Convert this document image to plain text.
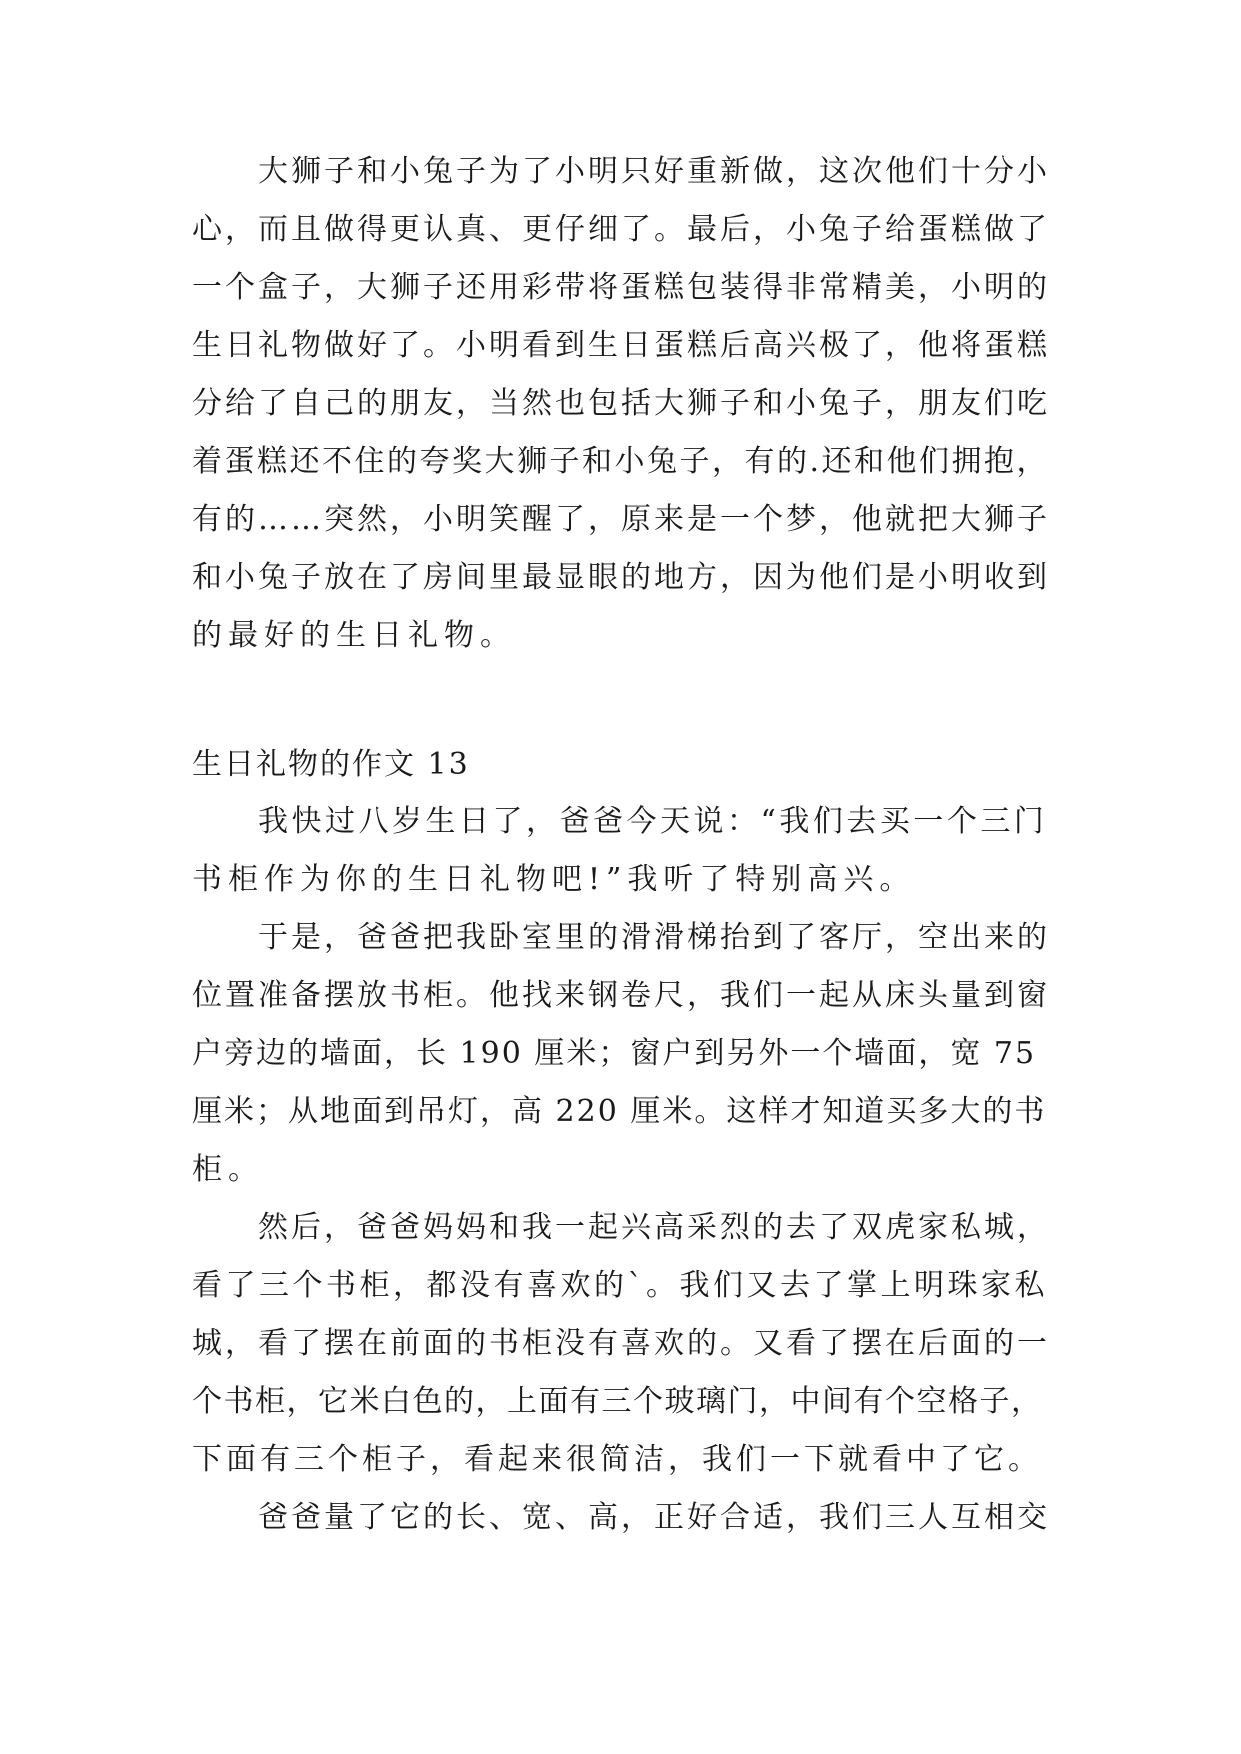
大狮子和小兔子为了小明只好重新做，这次他们十分小
心，而且做得更认真、更仔细了。最后，小兔子给蛋糕做了
一个盒子，大狮子还用彩带将蛋糕包装得非常精美，小明的
生日礼物做好了。小明看到生日蛋糕后高兴极了，他将蛋糕
分给了自己的朋友，当然也包括大狮子和小兔子，朋友们吃
着蛋糕还不住的夸奖大狮子和小兔子，有的.还和他们拥抱，
有的……突然，小明笑醒了，原来是一个梦，他就把大狮子
和小兔子放在了房间里最显眼的地方，因为他们是小明收到
的最好的生日礼物。
生日礼物的作文 13
我快过八岁生日了，爸爸今天说：“我们去买一个三门
书柜作为你的生日礼物吧!”我听了特别高兴。
于是，爸爸把我卧室里的滑滑梯抬到了客厅，空出来的
位置准备摆放书柜。他找来钢卷尺，我们一起从床头量到窗
户旁边的墙面，长 190 厘米；窗户到另外一个墙面，宽 75
厘米；从地面到吊灯，高 220 厘米。这样才知道买多大的书
柜。
然后，爸爸妈妈和我一起兴高采烈的去了双虎家私城，
看了三个书柜，都没有喜欢的`。我们又去了掌上明珠家私
城，看了摆在前面的书柜没有喜欢的。又看了摆在后面的一
个书柜，它米白色的，上面有三个玻璃门，中间有个空格子，
下面有三个柜子，看起来很简洁，我们一下就看中了它。
爸爸量了它的长、宽、高，正好合适，我们三人互相交
